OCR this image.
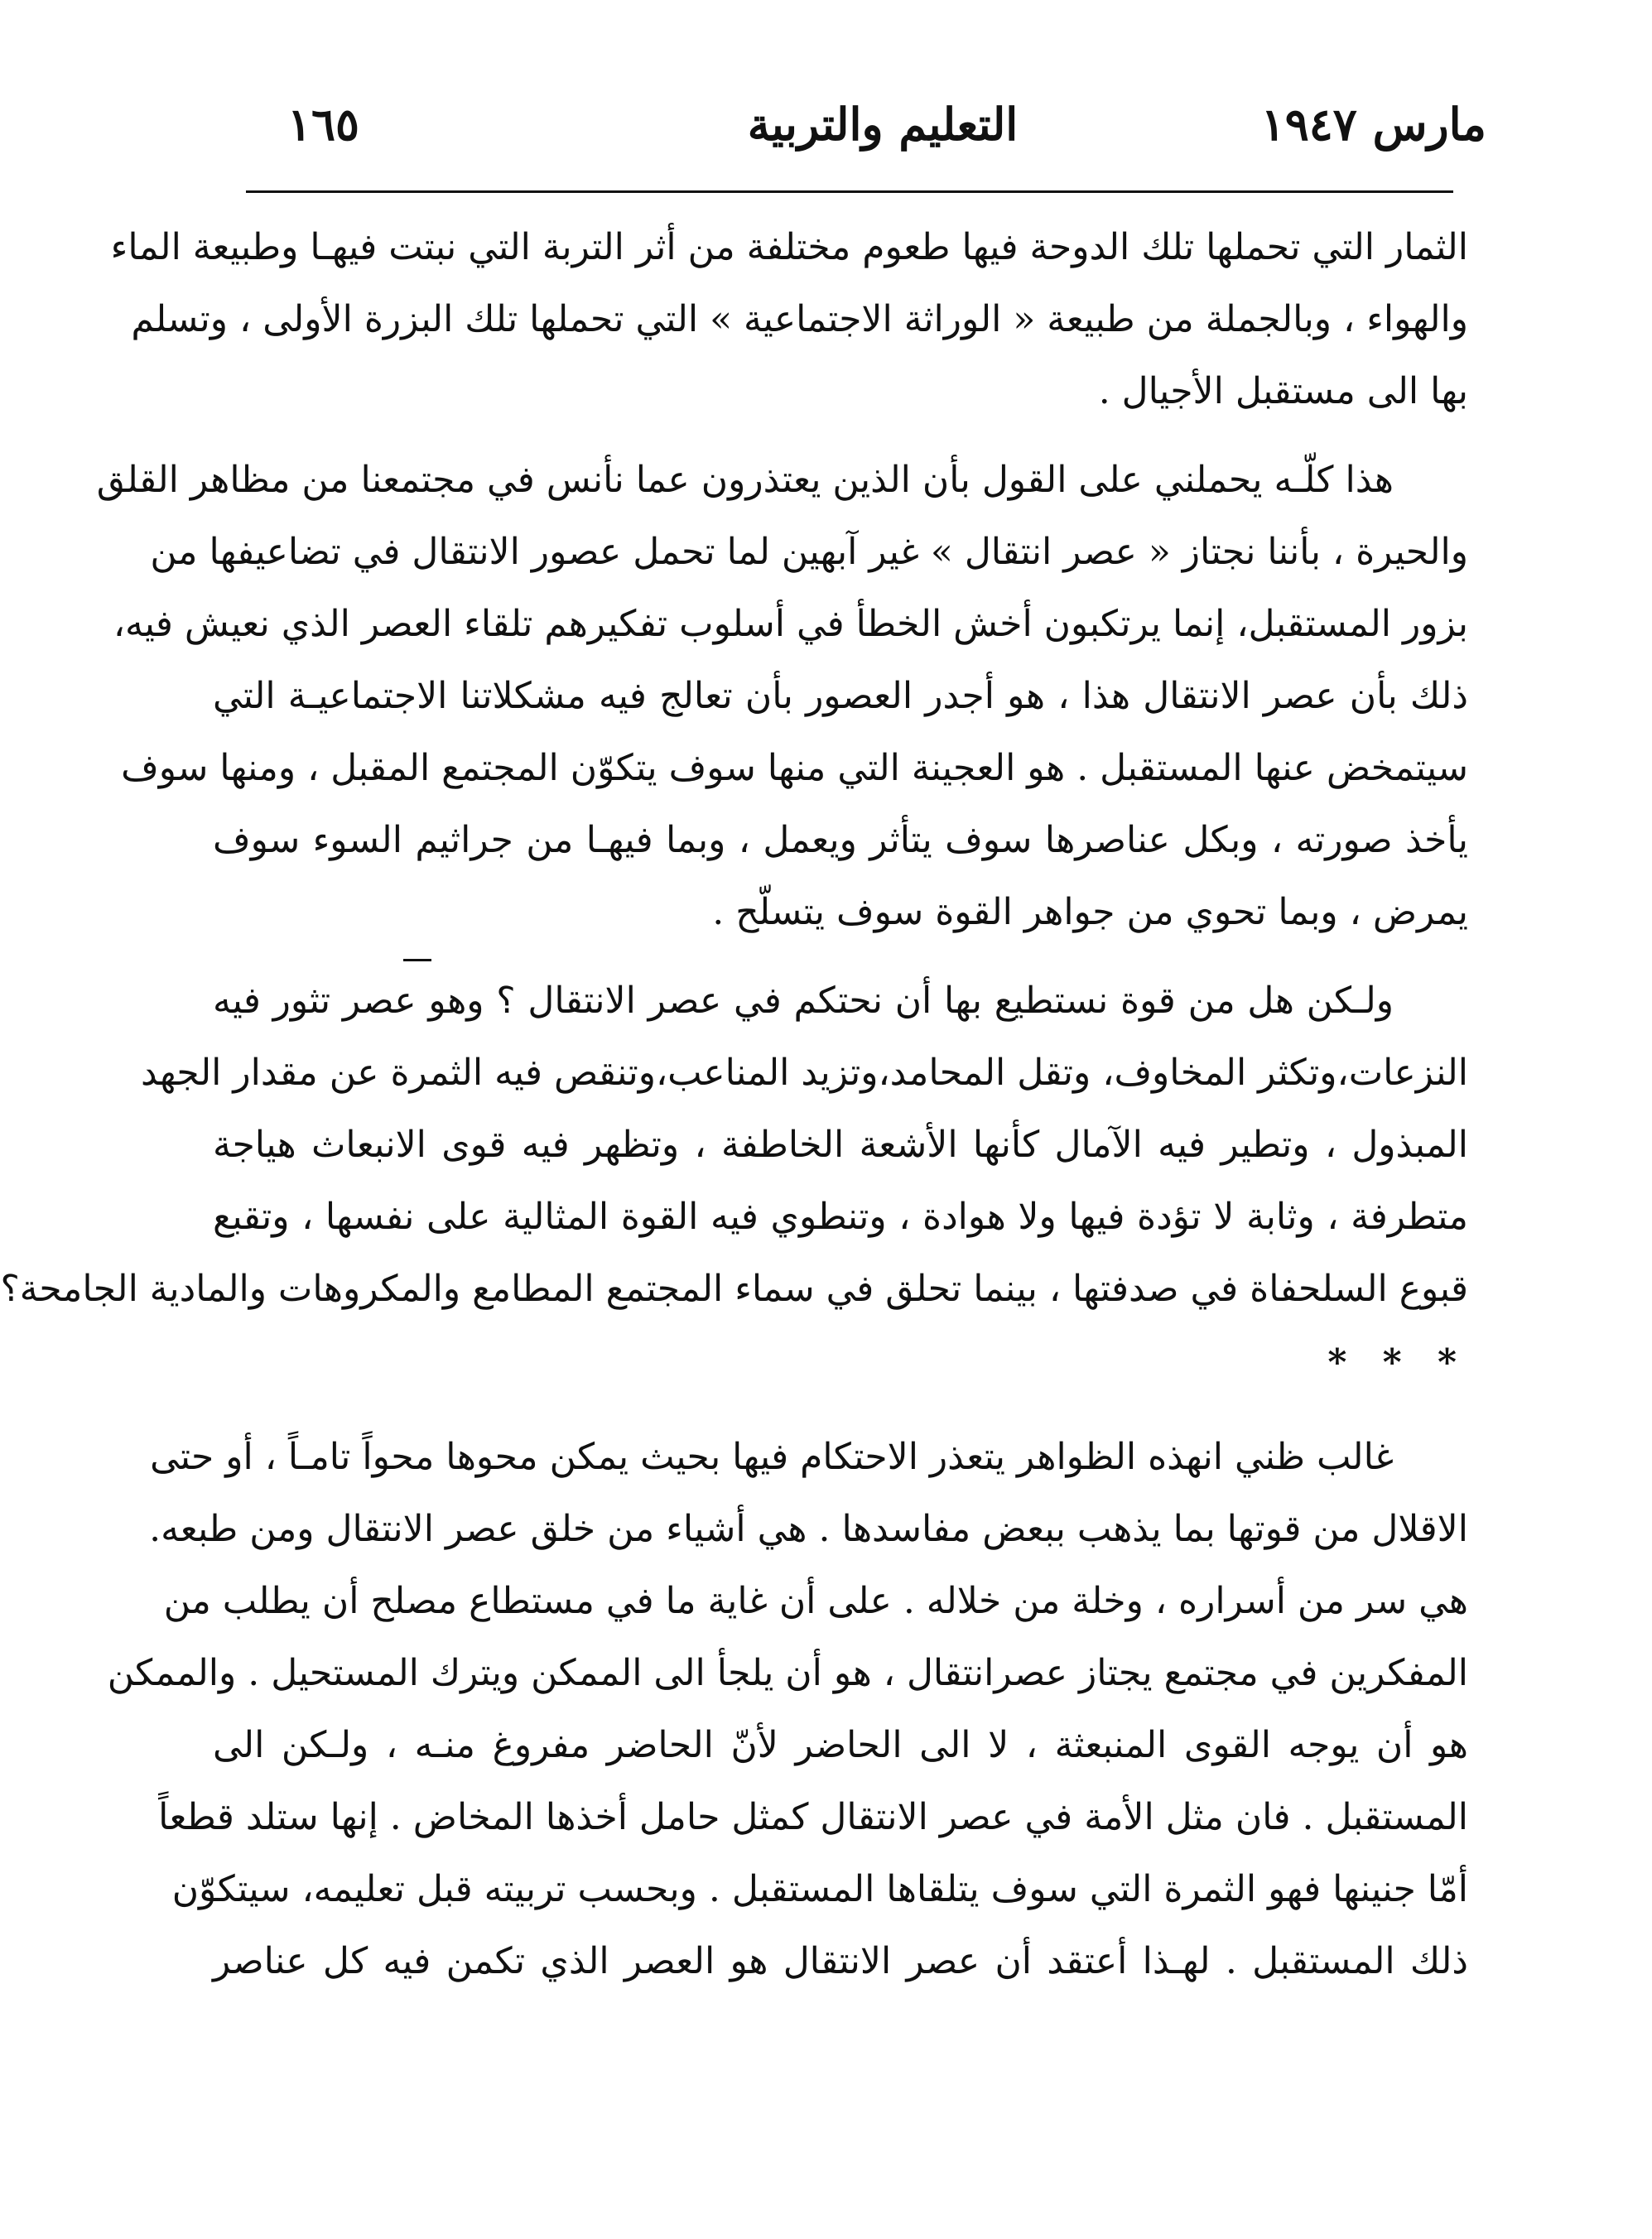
مارس ١٩٤٧
التعليم والتربية
١٦٥
الثمار التي تحملها تلك الدوحة فيها طعوم مختلفة من أثر التربة التي نبتت فيهـا وطبيعة الماء
والهواء ، وبالجملة من طبيعة « الوراثة الاجتماعية » التي تحملها تلك البزرة الأولى ، وتسلم
بها الى مستقبل الأجيال .
هذا كلّـه يحملني على القول بأن الذين يعتذرون عما نأنس في مجتمعنا من مظاهر القلق
والحيرة ، بأننا نجتاز « عصر انتقال » غير آبهين لما تحمل عصور الانتقال في تضاعيفها من
بزور المستقبل، إنما يرتكبون أخش الخطأ في أسلوب تفكيرهم تلقاء العصر الذي نعيش فيه،
ذلك بأن عصر الانتقال هذا ، هو أجدر العصور بأن تعالج فيه مشكلاتنا الاجتماعيـة التي
سيتمخض عنها المستقبل . هو العجينة التي منها سوف يتكوّن المجتمع المقبل ، ومنها سوف
يأخذ صورته ، وبكل عناصرها سوف يتأثر ويعمل ، وبما فيهـا من جراثيم السوء سوف
يمرض ، وبما تحوي من جواهر القوة سوف يتسلّح .
ولـكن هل من قوة نستطيع بها أن نحتكم في عصر الانتقال ؟ وهو عصر تثور فيه
النزعات،وتكثر المخاوف، وتقل المحامد،وتزيد المناعب،وتنقص فيه الثمرة عن مقدار الجهد
المبذول ، وتطير فيه الآمال كأنها الأشعة الخاطفة ، وتظهر فيه قوى الانبعاث هياجة
متطرفة ، وثابة لا تؤدة فيها ولا هوادة ، وتنطوي فيه القوة المثالية على نفسها ، وتقبع
قبوع السلحفاة في صدفتها ، بينما تحلق في سماء المجتمع المطامع والمكروهات والمادية الجامحة؟
* * *
غالب ظني انهذه الظواهر يتعذر الاحتكام فيها بحيث يمكن محوها محواً تامـاً ، أو حتى
الاقلال من قوتها بما يذهب ببعض مفاسدها . هي أشياء من خلق عصر الانتقال ومن طبعه.
هي سر من أسراره ، وخلة من خلاله . على أن غاية ما في مستطاع مصلح أن يطلب من
المفكرين في مجتمع يجتاز عصرانتقال ، هو أن يلجأ الى الممكن ويترك المستحيل . والممكن
هو أن يوجه القوى المنبعثة ، لا الى الحاضر لأنّ الحاضر مفروغ منـه ، ولـكن الى
المستقبل . فان مثل الأمة في عصر الانتقال كمثل حامل أخذها المخاض . إنها ستلد قطعاً
أمّا جنينها فهو الثمرة التي سوف يتلقاها المستقبل . وبحسب تربيته قبل تعليمه، سيتكوّن
ذلك المستقبل . لهـذا أعتقد أن عصر الانتقال هو العصر الذي تكمن فيه كل عناصر
